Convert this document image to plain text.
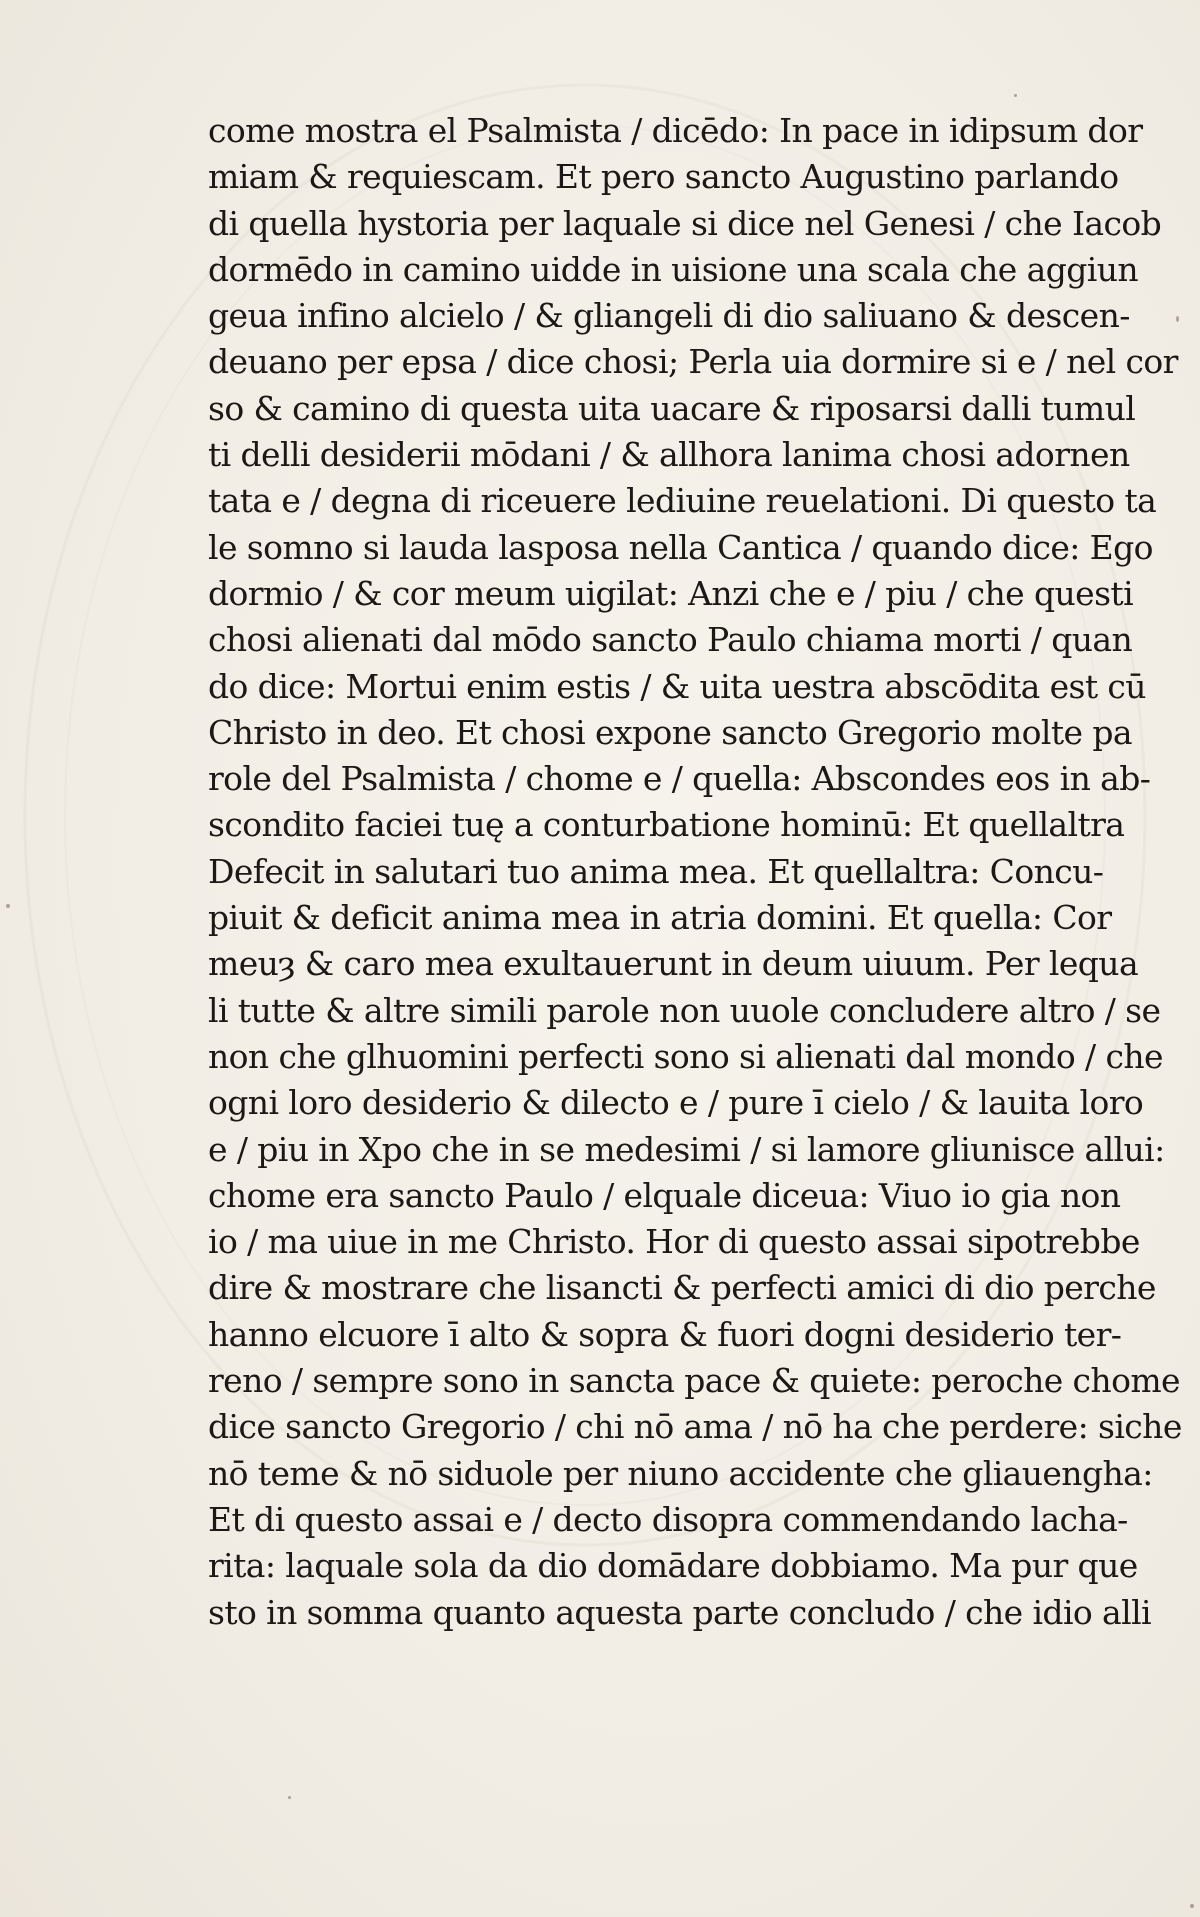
come mostra el Psalmista / dicēdo: In pace in idipsum dor
miam & requiescam. Et pero sancto Augustino parlando
di quella hystoria per laquale si dice nel Genesi / che Iacob
dormēdo in camino uidde in uisione una scala che aggiun
geua infino alcielo / & gliangeli di dio saliuano & descen-
deuano per epsa / dice chosi; Perla uia dormire si e / nel cor
so & camino di questa uita uacare & riposarsi dalli tumul
ti delli desiderii mōdani / & allhora lanima chosi adornen
tata e / degna di riceuere lediuine reuelationi. Di questo ta
le somno si lauda lasposa nella Cantica / quando dice: Ego
dormio / & cor meum uigilat: Anzi che e / piu / che questi
chosi alienati dal mōdo sancto Paulo chiama morti / quan
do dice: Mortui enim estis / & uita uestra abscōdita est cū
Christo in deo. Et chosi expone sancto Gregorio molte pa
role del Psalmista / chome e / quella: Abscondes eos in ab-
scondito faciei tuę a conturbatione hominū: Et quellaltra
Defecit in salutari tuo anima mea. Et quellaltra: Concu-
piuit & deficit anima mea in atria domini. Et quella: Cor
meuȝ & caro mea exultauerunt in deum uiuum. Per lequa
li tutte & altre simili parole non uuole concludere altro / se
non che glhuomini perfecti sono si alienati dal mondo / che
ogni loro desiderio & dilecto e / pure ī cielo / & lauita loro
e / piu in Xpo che in se medesimi / si lamore gliunisce allui:
chome era sancto Paulo / elquale diceua: Viuo io gia non
io / ma uiue in me Christo. Hor di questo assai sipotrebbe
dire & mostrare che lisancti & perfecti amici di dio perche
hanno elcuore ī alto & sopra & fuori dogni desiderio ter-
reno / sempre sono in sancta pace & quiete: peroche chome
dice sancto Gregorio / chi nō ama / nō ha che perdere: siche
nō teme & nō siduole per niuno accidente che gliauengha:
Et di questo assai e / decto disopra commendando lacha-
rita: laquale sola da dio domādare dobbiamo. Ma pur que
sto in somma quanto aquesta parte concludo / che idio alli
